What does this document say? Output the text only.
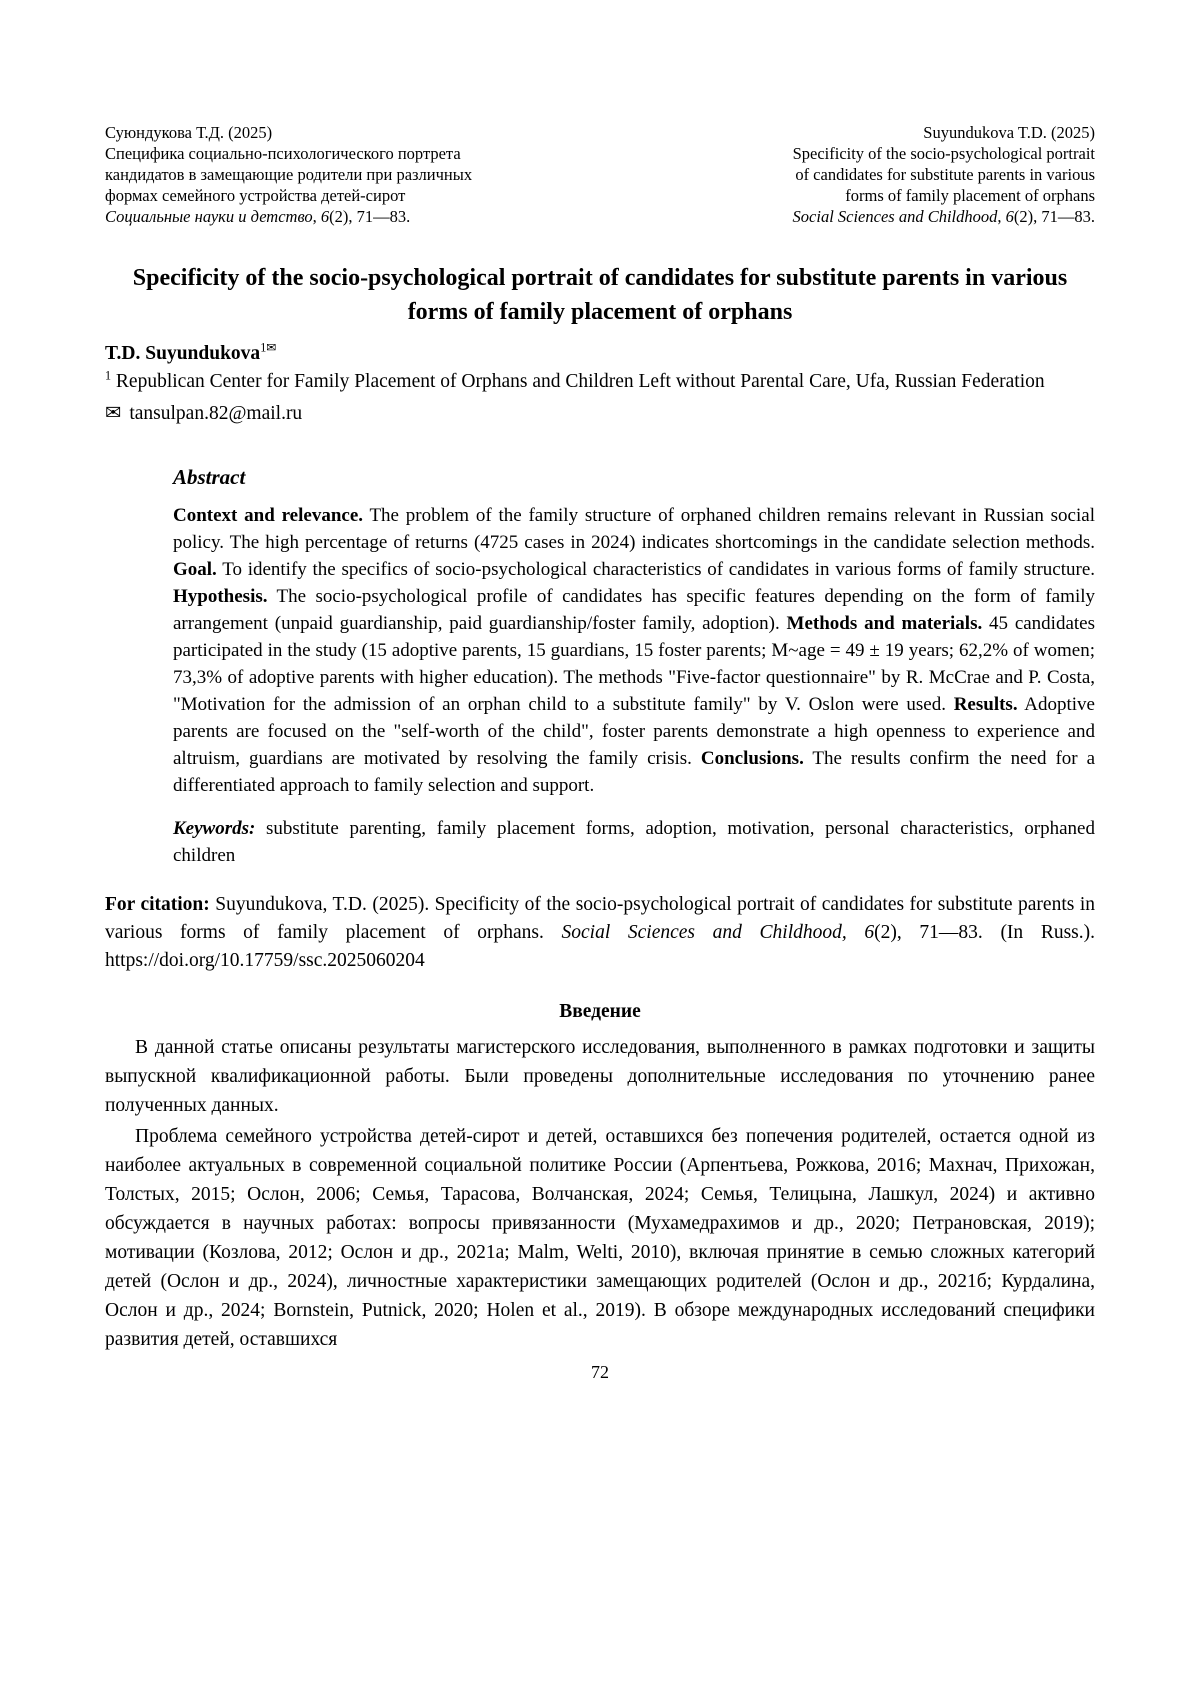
Суюндукова Т.Д. (2025)
Специфика социально-психологического портрета
кандидатов в замещающие родители при различных
формах семейного устройства детей-сирот
Социальные науки и детство, 6(2), 71—83.
Suyundukova T.D. (2025)
Specificity of the socio-psychological portrait
of candidates for substitute parents in various
forms of family placement of orphans
Social Sciences and Childhood, 6(2), 71—83.
Specificity of the socio-psychological portrait of candidates for substitute parents in various forms of family placement of orphans
T.D. Suyundukova$^{1✉}$
$^1$ Republican Center for Family Placement of Orphans and Children Left without Parental Care, Ufa, Russian Federation
✉ tansulpan.82@mail.ru
Abstract

Context and relevance. The problem of the family structure of orphaned children remains relevant in Russian social policy. The high percentage of returns (4725 cases in 2024) indicates shortcomings in the candidate selection methods. Goal. To identify the specifics of socio-psychological characteristics of candidates in various forms of family structure. Hypothesis. The socio-psychological profile of candidates has specific features depending on the form of family arrangement (unpaid guardianship, paid guardianship/foster family, adoption). Methods and materials. 45 candidates participated in the study (15 adoptive parents, 15 guardians, 15 foster parents; M~age = 49 ± 19 years; 62,2% of women; 73,3% of adoptive parents with higher education). The methods "Five-factor questionnaire" by R. McCrae and P. Costa, "Motivation for the admission of an orphan child to a substitute family" by V. Oslon were used. Results. Adoptive parents are focused on the "self-worth of the child", foster parents demonstrate a high openness to experience and altruism, guardians are motivated by resolving the family crisis. Conclusions. The results confirm the need for a differentiated approach to family selection and support.

Keywords: substitute parenting, family placement forms, adoption, motivation, personal characteristics, orphaned children

For citation: Suyundukova, T.D. (2025). Specificity of the socio-psychological portrait of candidates for substitute parents in various forms of family placement of orphans. Social Sciences and Childhood, 6(2), 71—83. (In Russ.). https://doi.org/10.17759/ssc.2025060204

Введение

В данной статье описаны результаты магистерского исследования, выполненного в рамках подготовки и защиты выпускной квалификационной работы. Были проведены дополнительные исследования по уточнению ранее полученных данных.

Проблема семейного устройства детей-сирот и детей, оставшихся без попечения родителей, остается одной из наиболее актуальных в современной социальной политике России (Арпентьева, Рожкова, 2016; Махнач, Прихожан, Толстых, 2015; Ослон, 2006; Семья, Тарасова, Волчанская, 2024; Семья, Телицына, Лашкул, 2024) и активно обсуждается в научных работах: вопросы привязанности (Мухамедрахимов и др., 2020; Петрановская, 2019); мотивации (Козлова, 2012; Ослон и др., 2021а; Malm, Welti, 2010), включая принятие в семью сложных категорий детей (Ослон и др., 2024), личностные характеристики замещающих родителей (Ослон и др., 2021б; Курдалина, Ослон и др., 2024; Bornstein, Putnick, 2020; Holen et al., 2019). В обзоре международных исследований специфики развития детей, оставшихся

72
